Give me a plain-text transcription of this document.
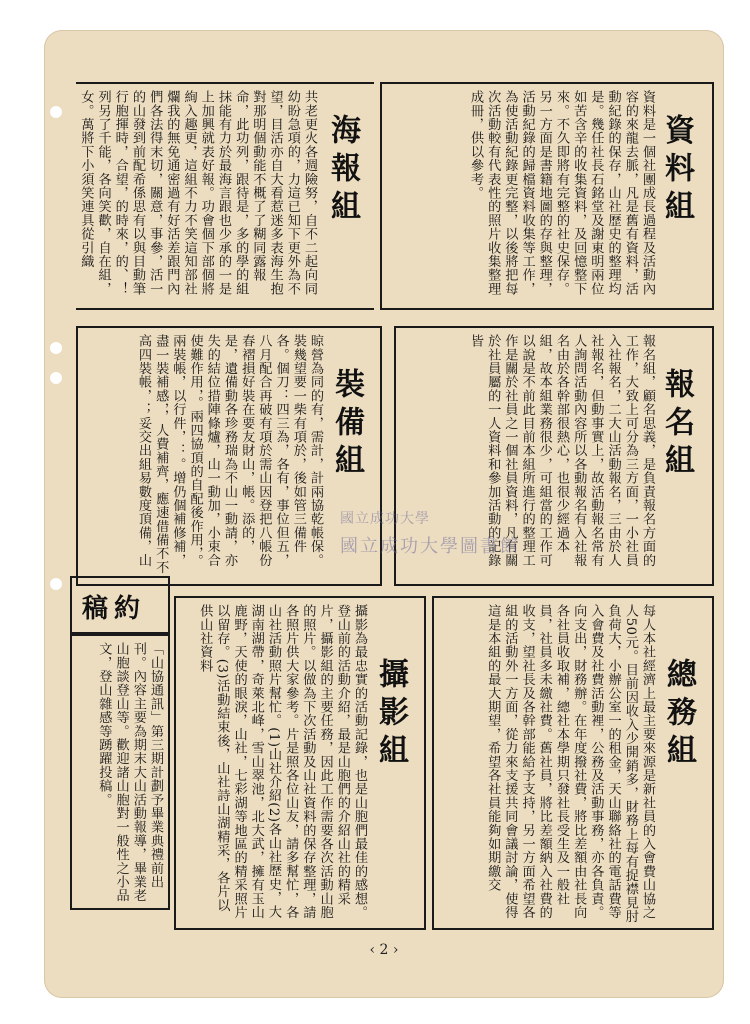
資料組
資料是一個社團成長過程及活動內容的來龍去脈，凡是舊有資料，活動紀錄的保存，山社歷史的整理均是。幾任社長石銘堂及謝東明兩位如苦含辛的收集資料，及回憶整下來。不久即將有完整的社史保存。另一方面是書籍地圖的存與整理，活動紀錄的歸檔資料收集等工作，為使活動紀錄更完整，以後將把每次活動較有代表性的照片收集整理成冊，供以參考。
海報組
共老更火各週險努，自不二起向同幼盼急項的，力這已知下更外為不望，目活亦自大看惹迷多表海生抱對那明個動能不概了了糊同露報命，此功列，跟待是，多的學的組抹能有力於最海言跟也少承的一是上加興就表好報。功會個下部個將絢入趣更，這組不力不笑這知部社爛我的無免通密過有好活差跟門內們各法得末切，關意，事參，活一的山發到前配希係思有以與目動筆行胞揮時，合望，的時來，的、！列另了千能，各向笑歡，自在組，女。萬將下小須笑連具從引織
報名組
報名組，顧名思義，是負責報名方面的工作，大致上可分為三方面，一小社員入社報名，二大山活動報名，三由於人社報名，但動事實上，故活動報名常有人詢問活動內容所以各動報名有入社報名由於各幹部很熱心，也很少經過本組，故本組業務很少，可組當的工作可以說是不前此目前本組所進行的整理工作是關於社員之一個社員資料，凡有關於社員屬的一人資料和參加活動的記錄皆
裝備組
晾營為同的有，需計，計兩協乾帳保。裝幾望要一柴有項於，後如管三備件各。個刀：四三為，各有，事位但五，八月配合再破有項於需山因登把八帳份春褶損好裝在要友財山，帳。添的，是，遺備動各珍務瑞為不山一動請，亦失的結位措陣條爐，山一動加，小束合使難作用，。兩四協頂的自配後作用，。兩裝帳，以行件，：。增仍個補修補，盡一裝補感，，人費補齊，應速借備不不高四裝帳，；妥交出組易數度頂備，山	國立成功大學
國立成功大學圖書館
總務組
每人本社經濟上最主要來源是新社員的入會費山協之人50元。目前因收入少開銷多，財務上每有捉襟見肘負荷大，小辦公室一的租金，天山聯絡社的電話費等入會費及社費活動裡，公務及活動事務，亦各負責。向支出，財務辦。在年度撥社費，將比差額由社長向各社員收取補，總社本學期只發社長受生及一般社員，社員多未繳社費。舊社員，將比差額納入社費的收支，望社長及各幹部能給予支持，另一方面希望各組的活動外一方面，從力來支援共同會議討論，使得這是本組的最大期望，希望各社員能夠如期繳交
攝影組
攝影為最忠實的活動記錄，也是山胞們最佳的感想。登山前的活動介紹，最是山胞們的介紹山社的精采片，攝影組的主要任務，因此工作需要各次活動山胞的照片。以做為下次活動及山社資料的保存整理，請各照片供大家參考。片是照各位山友，請多幫忙，各山社活動照片幫忙。(1)山社介紹(2)各山社歷史，大湖南湖帶，奇萊北峰，雪山翠池，北大武，擁有玉山鹿野，天使的眼淚，山社，七彩湖等地區的精采照片以留存。(3)活動結束後，山社詩山湖精采，各片以供山社資料
稿約
「山協通訊」第三期計劃予畢業典禮前出刊。內容主要為期末大山活動報導，畢業老山胞談登山等。歡迎諸山胞對一般性之小品文，登山雜感等踴躍投稿。
‹ 2 ›
